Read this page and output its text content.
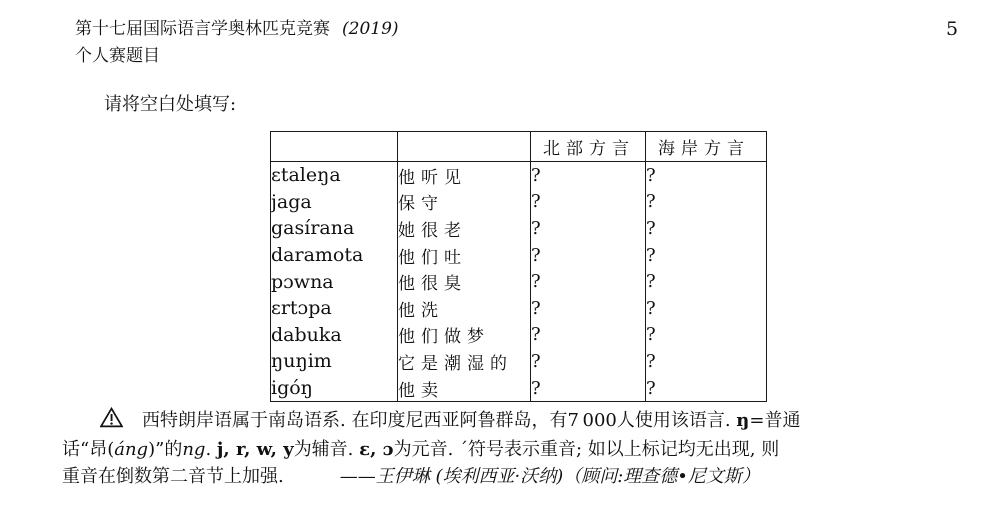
第十七届国际语言学奥林匹克竞赛 (2019)
个人赛题目
5
请将空白处填写:
		北部方言	海岸方言
ɛtaleŋa	他听见	?	?
jaga	保守	?	?
gasírana	她很老	?	?
daramota	他们吐	?	?
pɔwna	他很臭	?	?
ɛrtɔpa	他洗	?	?
dabuka	他们做梦	?	?
ŋuŋim	它是潮湿的	?	?
igóŋ	他卖	?	?
西特朗岸语属于南岛语系. 在印度尼西亚阿鲁群岛，有7 000人使用该语言. ŋ=普通
话“昂(áng)”的ng. j, r, w, y为辅音. ɛ, ɔ为元音. ´符号表示重音; 如以上标记均无出现, 则
重音在倒数第二音节上加强.	——王伊琳 (埃利西亚·沃纳)（顾问:理查德•尼文斯）
